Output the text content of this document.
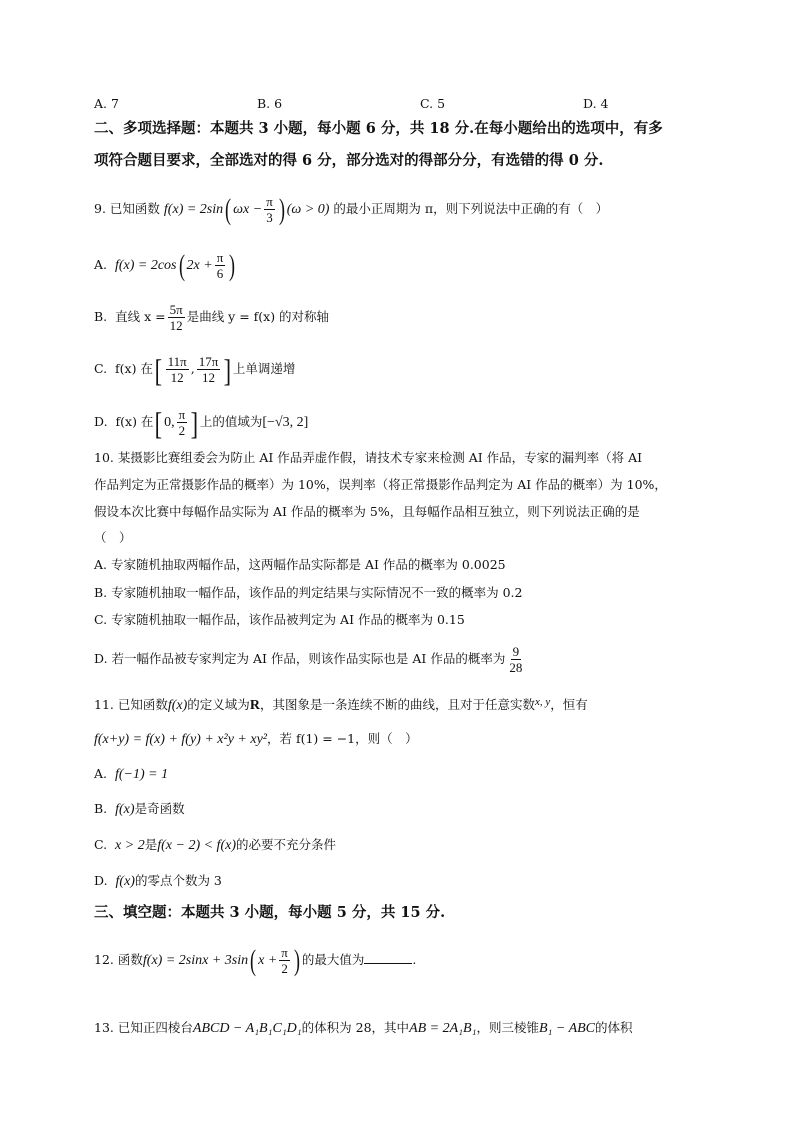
A. 7	B. 6	C. 5	D. 4
二、多项选择题：本题共 3 小题，每小题 6 分，共 18 分.在每小题给出的选项中，有多
项符合题目要求，全部选对的得 6 分，部分选对的得部分分，有选错的得 0 分.
9. 已知函数 f(x) = 2sin( $\omega x - \frac{\pi}{3}$ ) (ω > 0) 的最小正周期为 π，则下列说法中正确的有（　）
A. f(x) = 2cos( $2x + \frac{\pi}{6}$ )
B. 直线 $x = \frac{5\pi}{12}$ 是曲线 y = f(x) 的对称轴
C. f(x) 在[ $\frac{11\pi}{12}$ , $\frac{17\pi}{12}$ ] 上单调递增
D. f(x) 在[ 0, $\frac{\pi}{2}$ ] 上的值域为[−√3, 2]
10. 某摄影比赛组委会为防止 AI 作品弄虚作假，请技术专家来检测 AI 作品，专家的漏判率（将 AI
作品判定为正常摄影作品的概率）为 10%，误判率（将正常摄影作品判定为 AI 作品的概率）为 10%，
假设本次比赛中每幅作品实际为 AI 作品的概率为 5%，且每幅作品相互独立，则下列说法正确的是
（　）
A. 专家随机抽取两幅作品，这两幅作品实际都是 AI 作品的概率为 0.0025
B. 专家随机抽取一幅作品，该作品的判定结果与实际情况不一致的概率为 0.2
C. 专家随机抽取一幅作品，该作品被判定为 AI 作品的概率为 0.15
D. 若一幅作品被专家判定为 AI 作品，则该作品实际也是 AI 作品的概率为 $\frac{9}{28}$
11. 已知函数f(x)的定义域为R，其图象是一条连续不断的曲线，且对于任意实数x, y，恒有
f(x+y) = f(x) + f(y) + x²y + xy²，若 f(1) = −1，则（　）
A. f(−1) = 1
B. f(x)是奇函数
C. x > 2是f(x − 2) < f(x)的必要不充分条件
D. f(x)的零点个数为 3
三、填空题：本题共 3 小题，每小题 5 分，共 15 分.
12. 函数f(x) = 2sinx + 3sin( $x + \frac{\pi}{2}$ ) 的最大值为	.
13. 已知正四棱台ABCD − A₁B₁C₁D₁的体积为 28，其中AB = 2A₁B₁，则三棱锥B₁ − ABC的体积
